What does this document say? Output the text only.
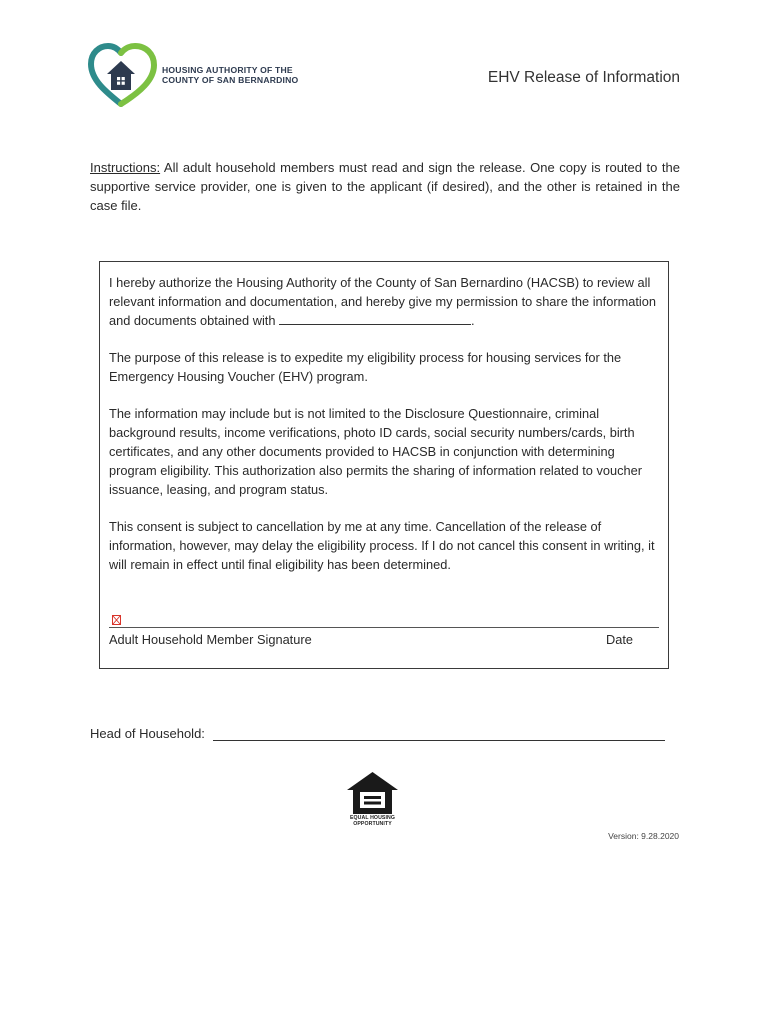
HOUSING AUTHORITY OF THE
COUNTY OF SAN BERNARDINO	EHV Release of Information
Instructions: All adult household members must read and sign the release. One copy is routed to the supportive service provider, one is given to the applicant (if desired), and the other is retained in the case file.

I hereby authorize the Housing Authority of the County of San Bernardino (HACSB) to review all relevant information and documentation, and hereby give my permission to share the information and documents obtained with	.

The purpose of this release is to expedite my eligibility process for housing services for the Emergency Housing Voucher (EHV) program.

The information may include but is not limited to the Disclosure Questionnaire, criminal background results, income verifications, photo ID cards, social security numbers/cards, birth certificates, and any other documents provided to HACSB in conjunction with determining program eligibility. This authorization also permits the sharing of information related to voucher issuance, leasing, and program status.

This consent is subject to cancellation by me at any time. Cancellation of the release of information, however, may delay the eligibility process. If I do not cancel this consent in writing, it will remain in effect until final eligibility has been determined.

Adult Household Member Signature	Date
Head of Household:
EQUAL HOUSING
OPPORTUNITY
Version: 9.28.2020
